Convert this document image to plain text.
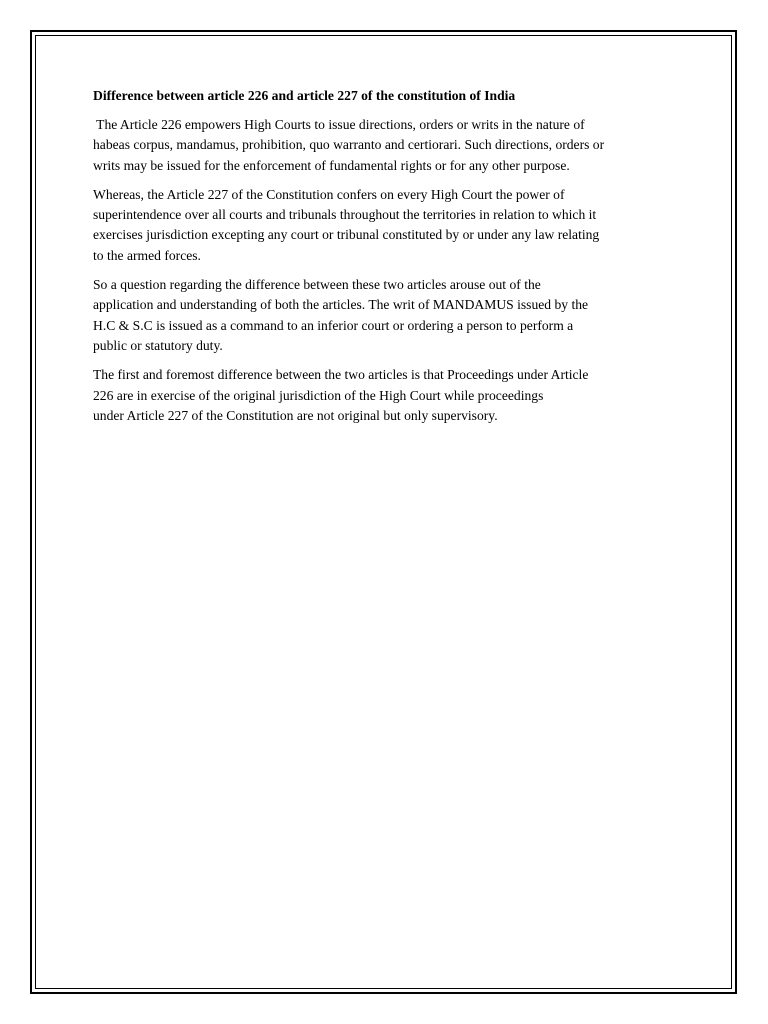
Difference between article 226 and article 227 of the constitution of India

The Article 226 empowers High Courts to issue directions, orders or writs in the nature of
habeas corpus, mandamus, prohibition, quo warranto and certiorari. Such directions, orders or
writs may be issued for the enforcement of fundamental rights or for any other purpose.

Whereas, the Article 227 of the Constitution confers on every High Court the power of
superintendence over all courts and tribunals throughout the territories in relation to which it
exercises jurisdiction excepting any court or tribunal constituted by or under any law relating
to the armed forces.

So a question regarding the difference between these two articles arouse out of the
application and understanding of both the articles. The writ of MANDAMUS issued by the
H.C & S.C is issued as a command to an inferior court or ordering a person to perform a
public or statutory duty.

The first and foremost difference between the two articles is that Proceedings under Article
226 are in exercise of the original jurisdiction of the High Court while proceedings
under Article 227 of the Constitution are not original but only supervisory.
